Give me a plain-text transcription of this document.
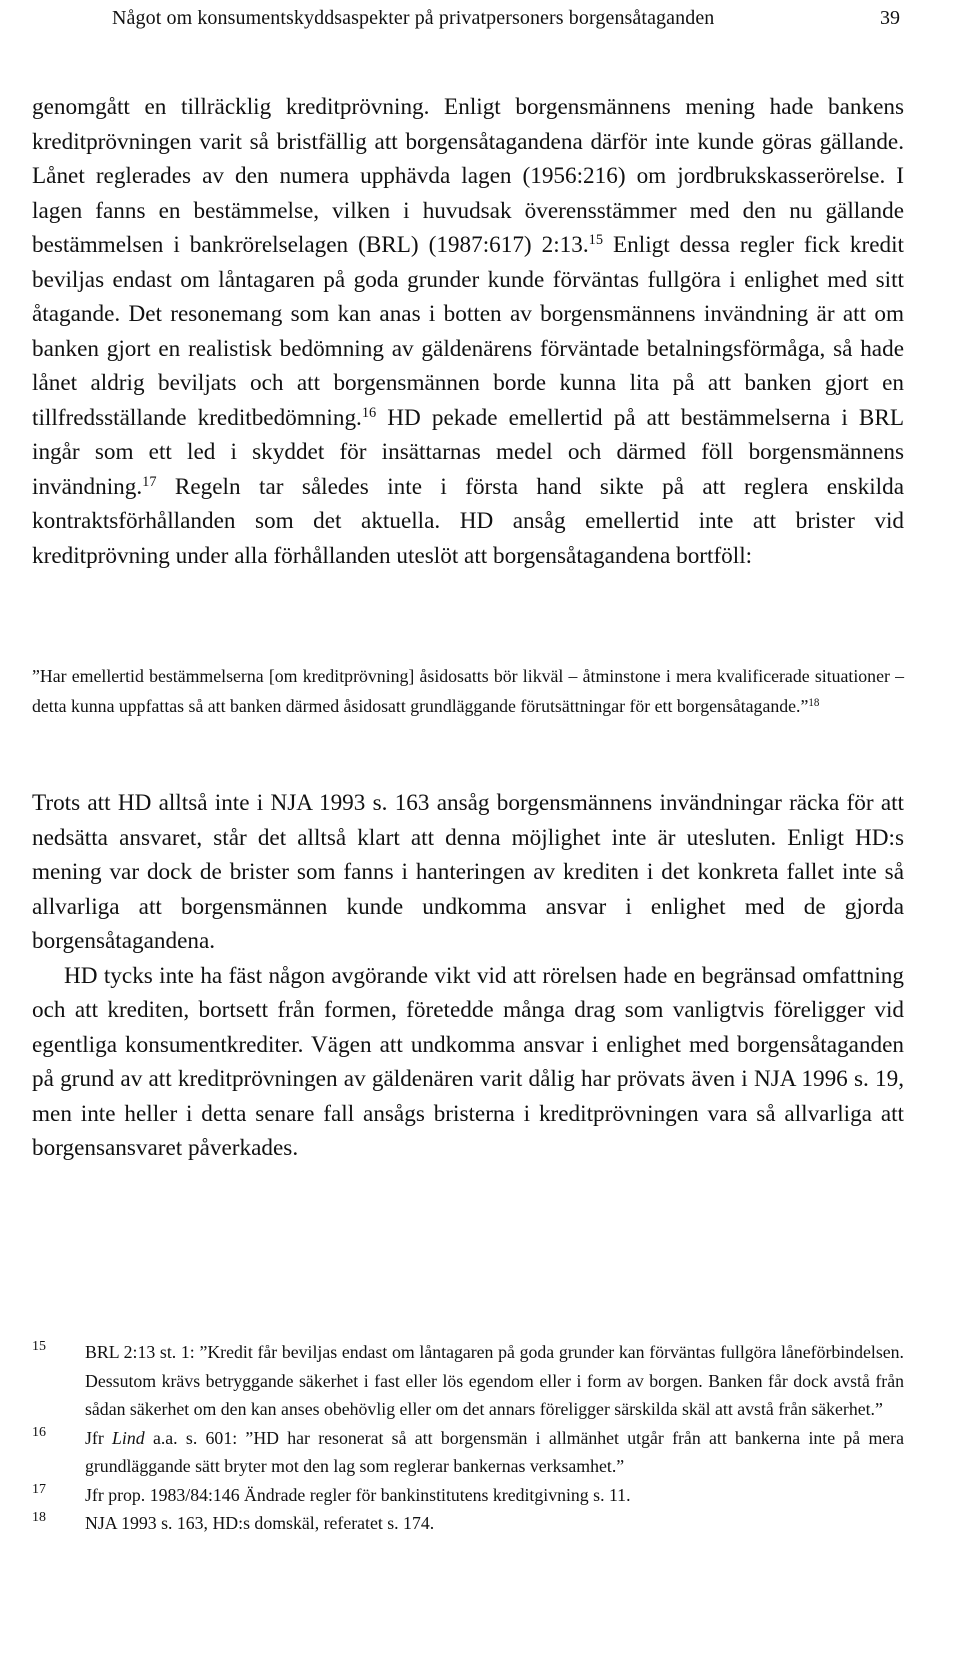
Något om konsumentskyddsaspekter på privatpersoners borgensåtaganden	39

genomgått en tillräcklig kreditprövning. Enligt borgensmännens mening hade bankens kreditprövningen varit så bristfällig att borgensåtagandena därför inte kunde göras gällande. Lånet reglerades av den numera upphävda lagen (1956:216) om jordbrukskasserörelse. I lagen fanns en bestämmelse, vilken i huvudsak överensstämmer med den nu gällande bestämmelsen i bankrörelselagen (BRL) (1987:617) 2:13.15 Enligt dessa regler fick kredit beviljas endast om låntagaren på goda grunder kunde förväntas fullgöra i enlighet med sitt åtagande. Det resonemang som kan anas i botten av borgensmännens invändning är att om banken gjort en realistisk bedömning av gäldenärens förväntade betalningsförmåga, så hade lånet aldrig beviljats och att borgensmännen borde kunna lita på att banken gjort en tillfredsställande kreditbedömning.$^{16}$ HD pekade emellertid på att bestämmelserna i BRL ingår som ett led i skyddet för insättarnas medel och därmed föll borgensmännens invändning.$^{17}$ Regeln tar således inte i första hand sikte på att reglera enskilda kontraktsförhållanden som det aktuella. HD ansåg emellertid inte att brister vid kreditprövning under alla förhållanden uteslöt att borgensåtagandena bortföll:

”Har emellertid bestämmelserna [om kreditprövning] åsidosatts bör likväl – åtminstone i mera kvalificerade situationer – detta kunna uppfattas så att banken därmed åsidosatt grundläggande förutsättningar för ett borgensåtagande.”$^{18}$

Trots att HD alltså inte i NJA 1993 s. 163 ansåg borgensmännens invändningar räcka för att nedsätta ansvaret, står det alltså klart att denna möjlighet inte är utesluten. Enligt HD:s mening var dock de brister som fanns i hanteringen av krediten i det konkreta fallet inte så allvarliga att borgensmännen kunde undkomma ansvar i enlighet med de gjorda borgensåtagandena.

HD tycks inte ha fäst någon avgörande vikt vid att rörelsen hade en begränsad omfattning och att krediten, bortsett från formen, företedde många drag som vanligtvis föreligger vid egentliga konsumentkrediter. Vägen att undkomma ansvar i enlighet med borgensåtaganden på grund av att kreditprövningen av gäldenären varit dålig har prövats även i NJA 1996 s. 19, men inte heller i detta senare fall ansågs bristerna i kreditprövningen vara så allvarliga att borgensansvaret påverkades.

15 BRL 2:13 st. 1: ”Kredit får beviljas endast om låntagaren på goda grunder kan förväntas fullgöra låneförbindelsen. Dessutom krävs betryggande säkerhet i fast eller lös egendom eller i form av borgen. Banken får dock avstå från sådan säkerhet om den kan anses obehövlig eller om det annars föreligger särskilda skäl att avstå från säkerhet.”
16 Jfr Lind a.a. s. 601: ”HD har resonerat så att borgensmän i allmänhet utgår från att bankerna inte på mera grundläggande sätt bryter mot den lag som reglerar bankernas verksamhet.”
17 Jfr prop. 1983/84:146 Ändrade regler för bankinstitutens kreditgivning s. 11.
18 NJA 1993 s. 163, HD:s domskäl, referatet s. 174.
